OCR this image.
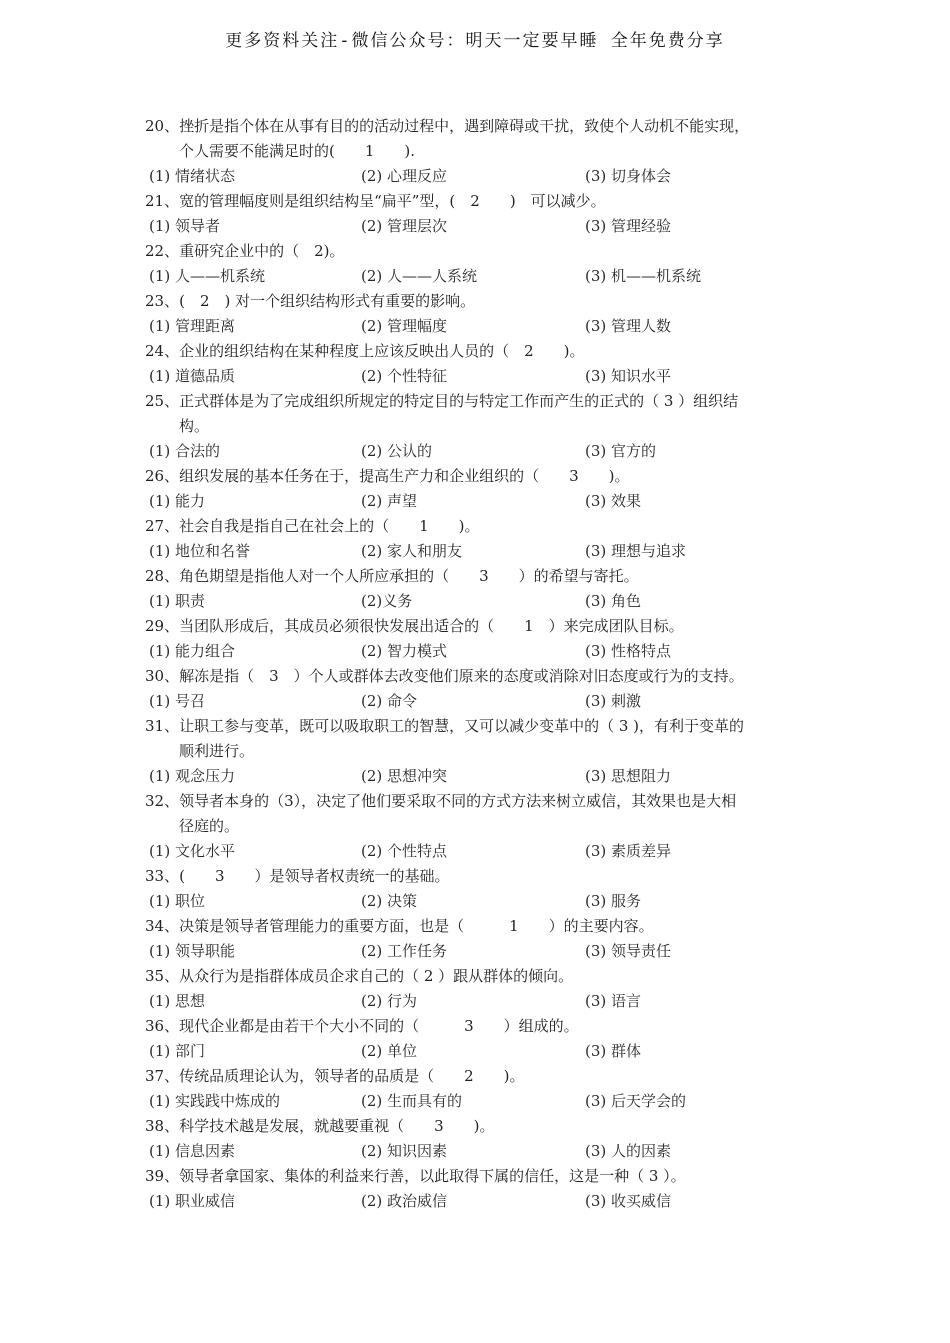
更多资料关注-微信公众号：明天一定要早睡 全年免费分享
20、 挫折是指个体在从事有目的的活动过程中，遇到障碍或干扰，致使个人动机不能实现，
个人需要不能满足时的(　　1　　).
(1) 情绪状态	(2) 心理反应	(3) 切身体会
21、 宽的管理幅度则是组织结构呈“扁平”型，(　2　　)　可以减少。
(1) 领导者	(2) 管理层次	(3) 管理经验
22、 重研究企业中的（　2)。
(1) 人——机系统	(2) 人——人系统	(3) 机——机系统
23、 (　2　) 对一个组织结构形式有重要的影响。
(1) 管理距离	(2) 管理幅度	(3) 管理人数
24、 企业的组织结构在某种程度上应该反映出人员的（　2　　)。
(1) 道德品质	(2) 个性特征	(3) 知识水平
25、 正式群体是为了完成组织所规定的特定目的与特定工作而产生的正式的（ 3 ）组织结
构。
(1) 合法的	(2) 公认的	(3) 官方的
26、 组织发展的基本任务在于，提高生产力和企业组织的（　　3　　)。
(1) 能力	(2) 声望	(3) 效果
27、 社会自我是指自己在社会上的（　　1　　)。
(1) 地位和名誉	(2) 家人和朋友	(3) 理想与追求
28、 角色期望是指他人对一个人所应承担的（　　3　　）的希望与寄托。
(1) 职责	(2)义务	(3) 角色
29、 当团队形成后，其成员必须很快发展出适合的（　　1　）来完成团队目标。
(1) 能力组合	(2) 智力模式	(3) 性格特点
30、 解冻是指（　3　）个人或群体去改变他们原来的态度或消除对旧态度或行为的支持。
(1) 号召	(2) 命令	(3) 刺激
31、 让职工参与变革，既可以吸取职工的智慧，又可以减少变革中的（ 3 )，有利于变革的
顺利进行。
(1) 观念压力	(2) 思想冲突	(3) 思想阻力
32、 领导者本身的（3），决定了他们要采取不同的方式方法来树立威信，其效果也是大相
径庭的。
(1) 文化水平	(2) 个性特点	(3) 素质差异
33、 (　　3　　）是领导者权责统一的基础。
(1) 职位	(2) 决策	(3) 服务
34、 决策是领导者管理能力的重要方面，也是（　　　1　　）的主要内容。
(1) 领导职能	(2) 工作任务	(3) 领导责任
35、 从众行为是指群体成员企求自己的（ 2 ）跟从群体的倾向。
(1) 思想	(2) 行为	(3) 语言
36、 现代企业都是由若干个大小不同的（　　　3　　）组成的。
(1) 部门	(2) 单位	(3) 群体
37、 传统品质理论认为，领导者的品质是（　　2　　)。
(1) 实践践中炼成的	(2) 生而具有的	(3) 后天学会的
38、 科学技术越是发展，就越要重视（　　3　　)。
(1) 信息因素	(2) 知识因素	(3) 人的因素
39、 领导者拿国家、集体的利益来行善，以此取得下属的信任，这是一种（ 3 ）。
(1) 职业威信	(2) 政治威信	(3) 收买威信
